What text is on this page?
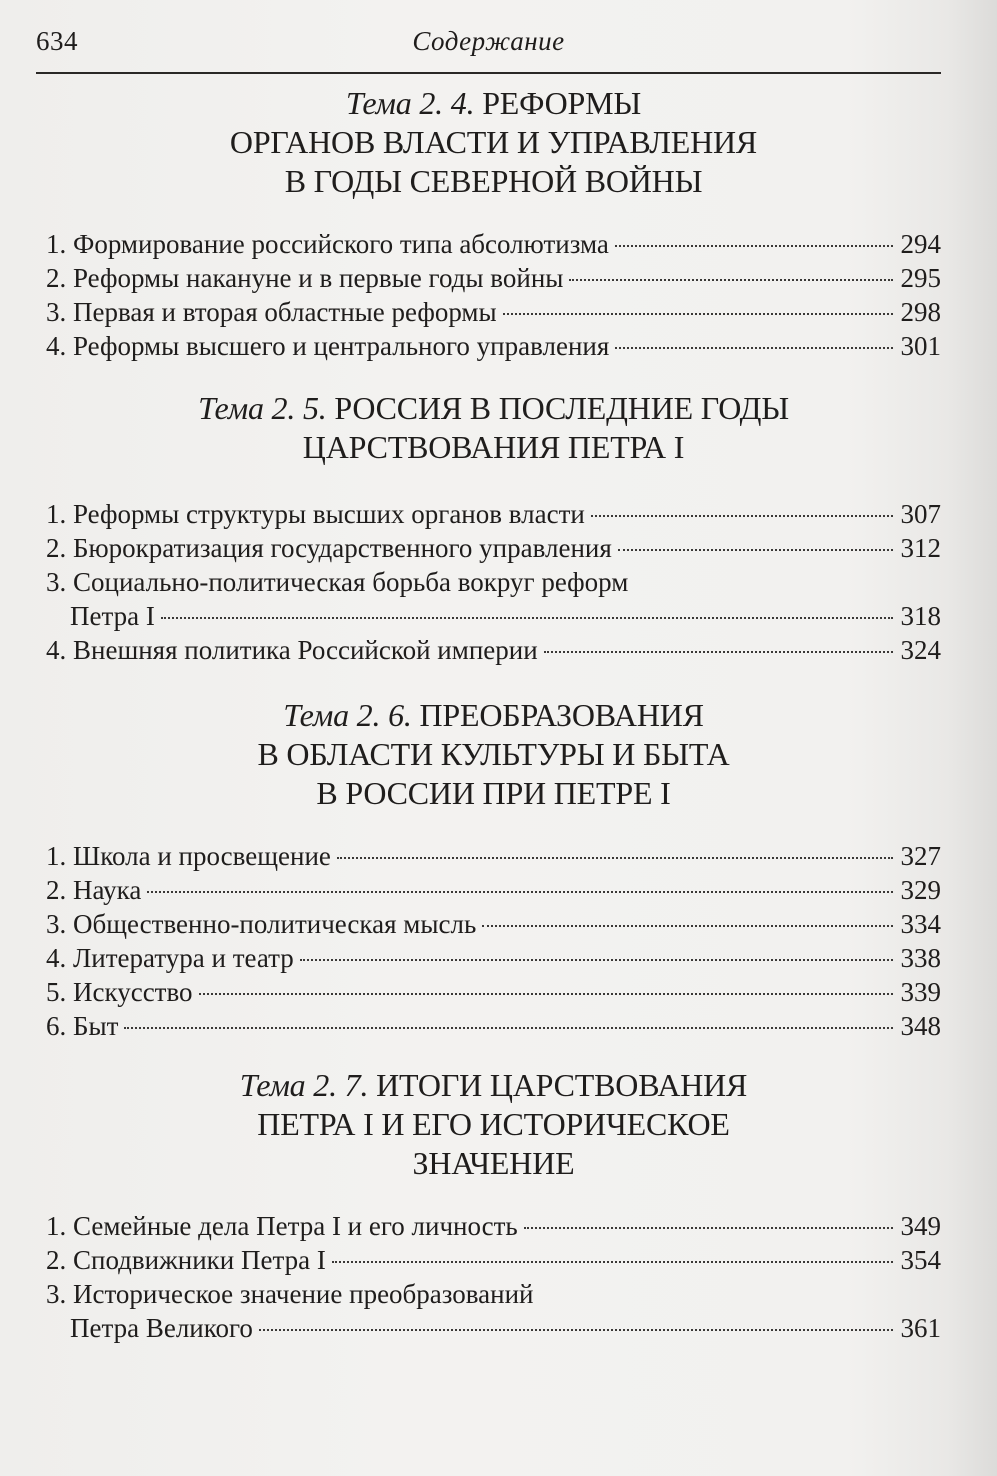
634	Содержание
Тема 2. 4. РЕФОРМЫ
ОРГАНОВ ВЛАСТИ И УПРАВЛЕНИЯ
В ГОДЫ СЕВЕРНОЙ ВОЙНЫ
1. Формирование российского типа абсолютизма	294
2. Реформы накануне и в первые годы войны	295
3. Первая и вторая областные реформы	298
4. Реформы высшего и центрального управления	301
Тема 2. 5. РОССИЯ В ПОСЛЕДНИЕ ГОДЫ
ЦАРСТВОВАНИЯ ПЕТРА I
1. Реформы структуры высших органов власти	307
2. Бюрократизация государственного управления	312
3. Социально-политическая борьба вокруг реформ
Петра I	318
4. Внешняя политика Российской империи	324
Тема 2. 6. ПРЕОБРАЗОВАНИЯ
В ОБЛАСТИ КУЛЬТУРЫ И БЫТА
В РОССИИ ПРИ ПЕТРЕ I
1. Школа и просвещение	327
2. Наука	329
3. Общественно-политическая мысль	334
4. Литература и театр	338
5. Искусство	339
6. Быт	348
Тема 2. 7. ИТОГИ ЦАРСТВОВАНИЯ
ПЕТРА I И ЕГО ИСТОРИЧЕСКОЕ
ЗНАЧЕНИЕ
1. Семейные дела Петра I и его личность	349
2. Сподвижники Петра I	354
3. Историческое значение преобразований
Петра Великого	361
